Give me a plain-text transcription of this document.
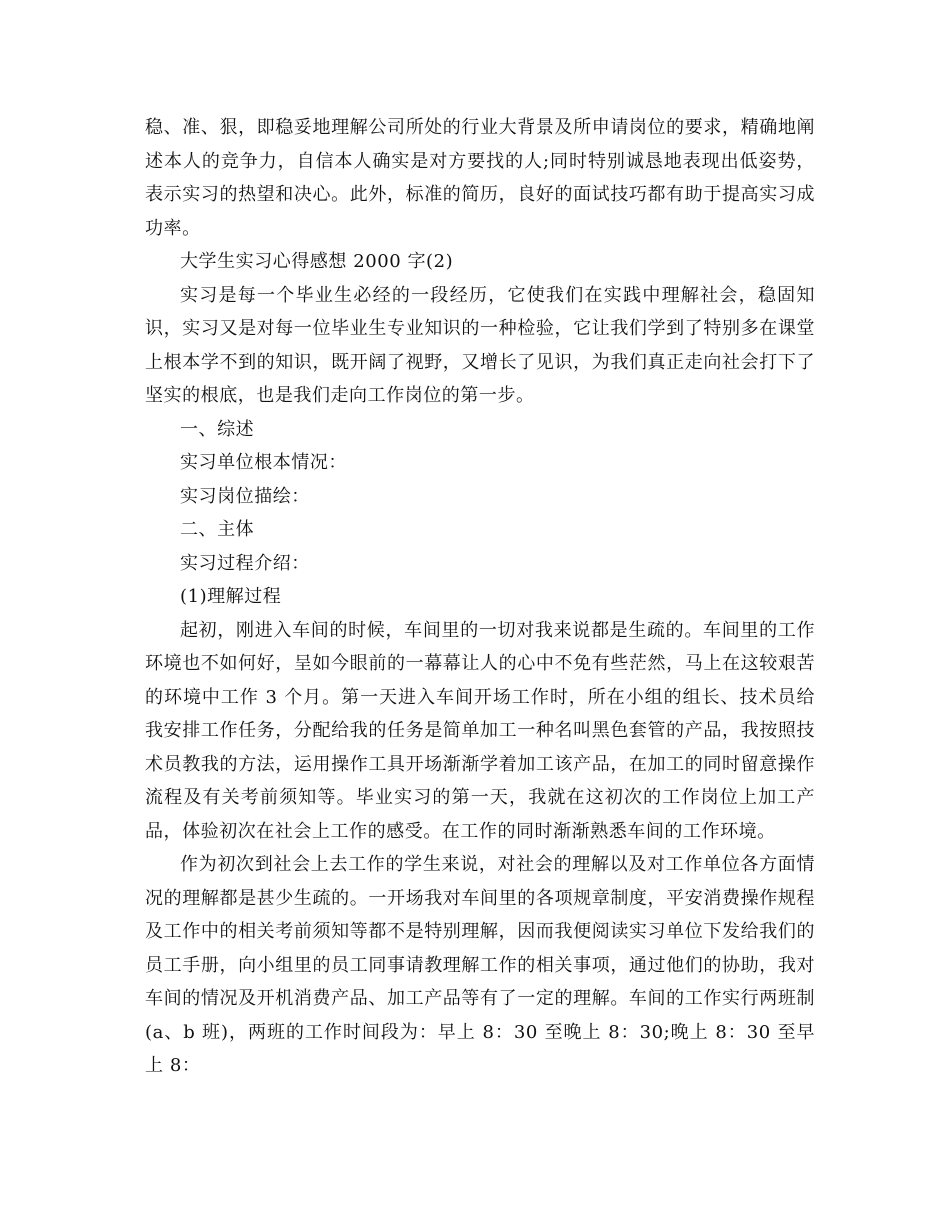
稳、准、狠，即稳妥地理解公司所处的行业大背景及所申请岗位的要求，精确地阐述本人的竞争力，自信本人确实是对方要找的人;同时特别诚恳地表现出低姿势，表示实习的热望和决心。此外，标准的简历，良好的面试技巧都有助于提高实习成功率。

大学生实习心得感想 2000 字(2)

实习是每一个毕业生必经的一段经历，它使我们在实践中理解社会，稳固知识，实习又是对每一位毕业生专业知识的一种检验，它让我们学到了特别多在课堂上根本学不到的知识，既开阔了视野，又增长了见识，为我们真正走向社会打下了坚实的根底，也是我们走向工作岗位的第一步。

一、综述

实习单位根本情况：

实习岗位描绘：

二、主体

实习过程介绍：

(1)理解过程

起初，刚进入车间的时候，车间里的一切对我来说都是生疏的。车间里的工作环境也不如何好，呈如今眼前的一幕幕让人的心中不免有些茫然，马上在这较艰苦的环境中工作 3 个月。第一天进入车间开场工作时，所在小组的组长、技术员给我安排工作任务，分配给我的任务是简单加工一种名叫黑色套管的产品，我按照技术员教我的方法，运用操作工具开场渐渐学着加工该产品，在加工的同时留意操作流程及有关考前须知等。毕业实习的第一天，我就在这初次的工作岗位上加工产品，体验初次在社会上工作的感受。在工作的同时渐渐熟悉车间的工作环境。

作为初次到社会上去工作的学生来说，对社会的理解以及对工作单位各方面情况的理解都是甚少生疏的。一开场我对车间里的各项规章制度，平安消费操作规程及工作中的相关考前须知等都不是特别理解，因而我便阅读实习单位下发给我们的员工手册，向小组里的员工同事请教理解工作的相关事项，通过他们的协助，我对车间的情况及开机消费产品、加工产品等有了一定的理解。车间的工作实行两班制(a、b 班)，两班的工作时间段为：早上 8：30 至晚上 8：30;晚上 8：30 至早上 8：
